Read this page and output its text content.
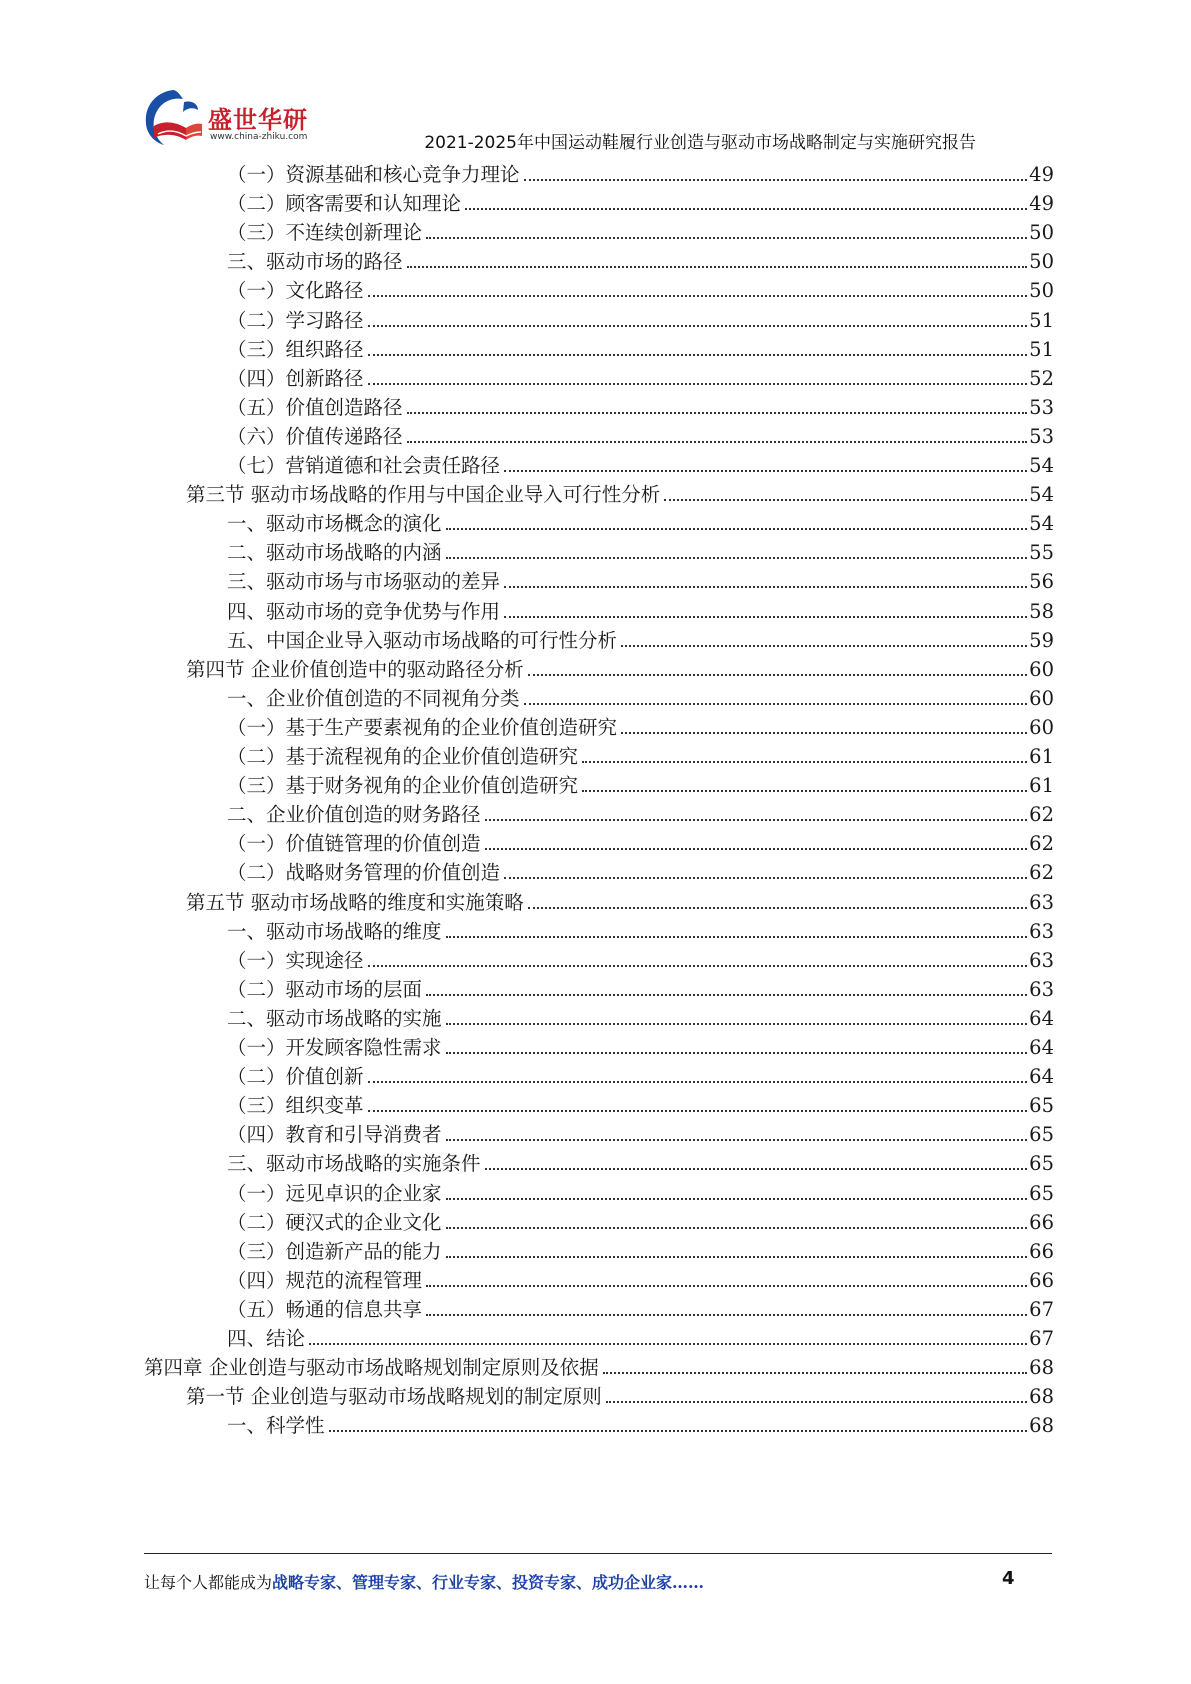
盛世华研
www.china-zhiku.com	2021-2025年中国运动鞋履行业创造与驱动市场战略制定与实施研究报告
（一）资源基础和核心竞争力理论	49
（二）顾客需要和认知理论	49
（三）不连续创新理论	50
三、驱动市场的路径	50
（一）文化路径	50
（二）学习路径	51
（三）组织路径	51
（四）创新路径	52
（五）价值创造路径	53
（六）价值传递路径	53
（七）营销道德和社会责任路径	54
第三节 驱动市场战略的作用与中国企业导入可行性分析	54
一、驱动市场概念的演化	54
二、驱动市场战略的内涵	55
三、驱动市场与市场驱动的差异	56
四、驱动市场的竞争优势与作用	58
五、中国企业导入驱动市场战略的可行性分析	59
第四节 企业价值创造中的驱动路径分析	60
一、企业价值创造的不同视角分类	60
（一）基于生产要素视角的企业价值创造研究	60
（二）基于流程视角的企业价值创造研究	61
（三）基于财务视角的企业价值创造研究	61
二、企业价值创造的财务路径	62
（一）价值链管理的价值创造	62
（二）战略财务管理的价值创造	62
第五节 驱动市场战略的维度和实施策略	63
一、驱动市场战略的维度	63
（一）实现途径	63
（二）驱动市场的层面	63
二、驱动市场战略的实施	64
（一）开发顾客隐性需求	64
（二）价值创新	64
（三）组织变革	65
（四）教育和引导消费者	65
三、驱动市场战略的实施条件	65
（一）远见卓识的企业家	65
（二）硬汉式的企业文化	66
（三）创造新产品的能力	66
（四）规范的流程管理	66
（五）畅通的信息共享	67
四、结论	67
第四章 企业创造与驱动市场战略规划制定原则及依据	68
第一节 企业创造与驱动市场战略规划的制定原则	68
一、科学性	68
让每个人都能成为战略专家、管理专家、行业专家、投资专家、成功企业家……	4
